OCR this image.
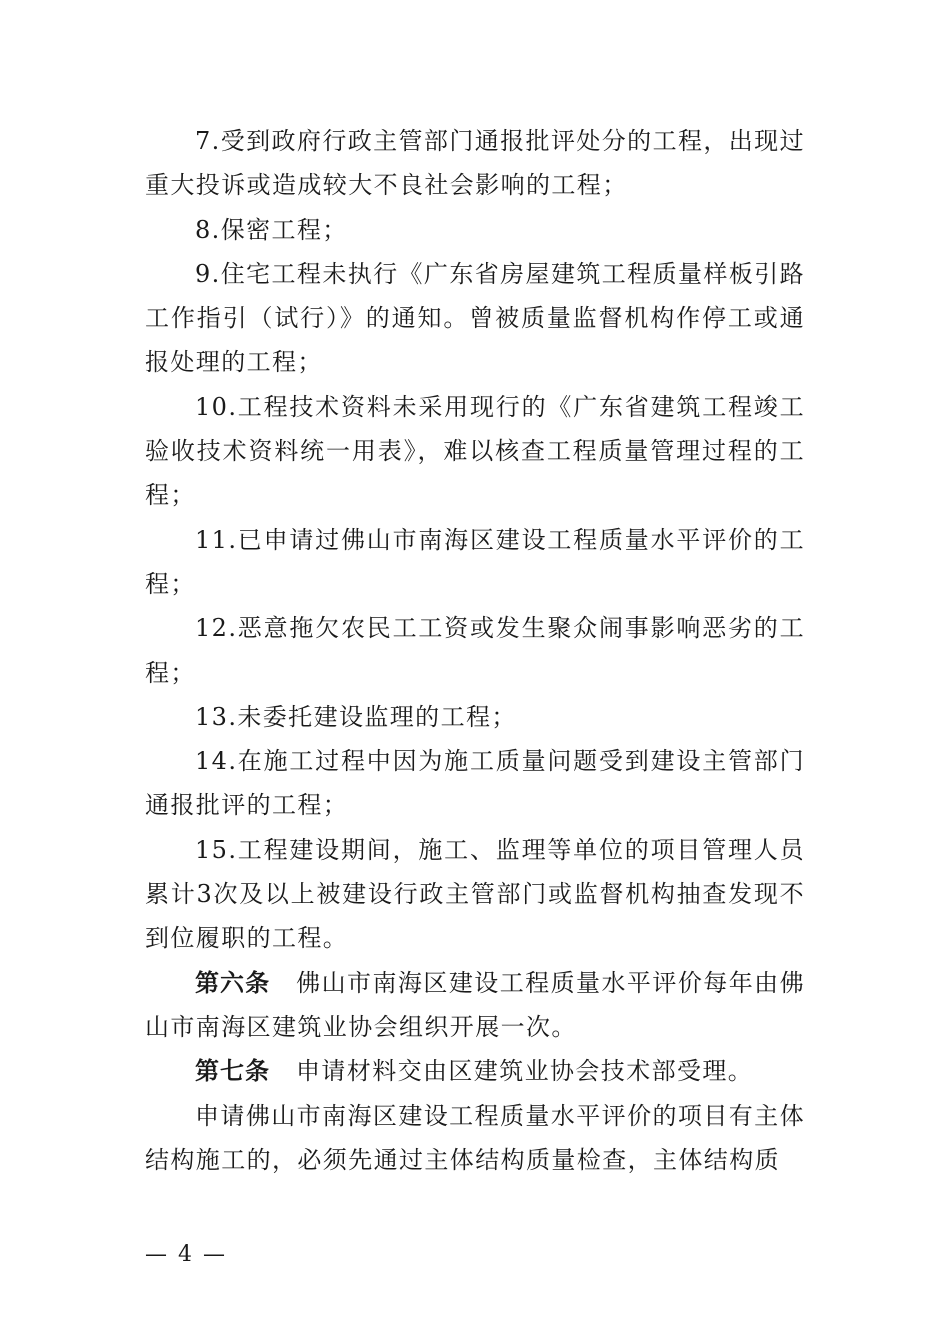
7.受到政府行政主管部门通报批评处分的工程，出现过重大投诉或造成较大不良社会影响的工程；

8.保密工程；

9.住宅工程未执行《广东省房屋建筑工程质量样板引路工作指引（试行）》的通知。曾被质量监督机构作停工或通报处理的工程；

10.工程技术资料未采用现行的《广东省建筑工程竣工验收技术资料统一用表》，难以核查工程质量管理过程的工程；

11.已申请过佛山市南海区建设工程质量水平评价的工程；

12.恶意拖欠农民工工资或发生聚众闹事影响恶劣的工程；

13.未委托建设监理的工程；

14.在施工过程中因为施工质量问题受到建设主管部门通报批评的工程；

15.工程建设期间，施工、监理等单位的项目管理人员累计3次及以上被建设行政主管部门或监督机构抽查发现不到位履职的工程。

第六条 佛山市南海区建设工程质量水平评价每年由佛山市南海区建筑业协会组织开展一次。

第七条 申请材料交由区建筑业协会技术部受理。

申请佛山市南海区建设工程质量水平评价的项目有主体结构施工的，必须先通过主体结构质量检查，主体结构质

— 4 —
